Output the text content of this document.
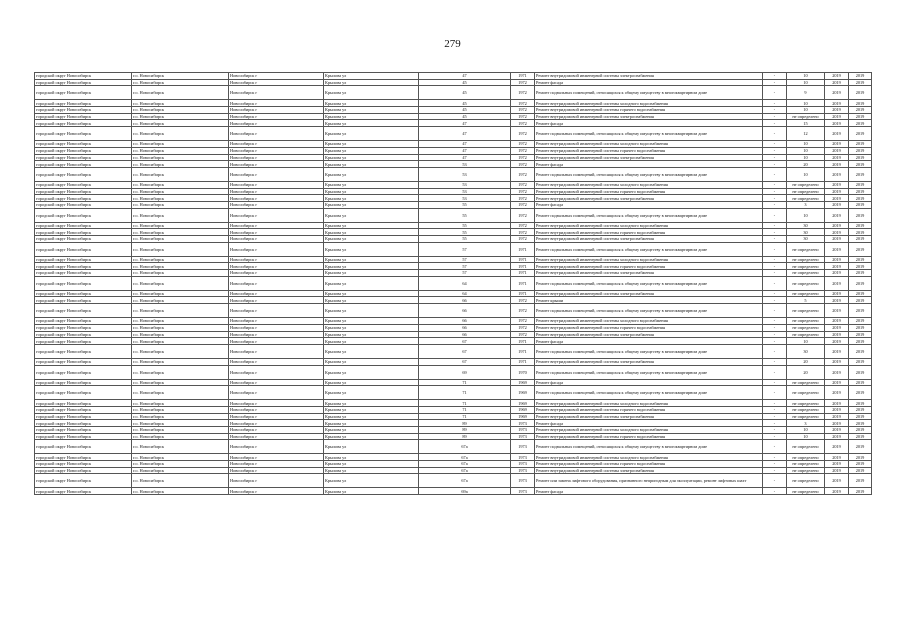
279
городской округ Новосибирск	г.о. Новосибирск	Новосибирск г	Крылова ул	47	1971	Ремонт внутридомовой инженерной системы электроснабжения	-	10	2019	2019
городской округ Новосибирск	г.о. Новосибирск	Новосибирск г	Крылова ул	45	1972	Ремонт фасада	-	10	2019	2019
городской округ Новосибирск	г.о. Новосибирск	Новосибирск г	Крылова ул	45	1972	Ремонт подвальных помещений, относящихся к общему имуществу в многоквартирном доме	-	9	2019	2019
городской округ Новосибирск	г.о. Новосибирск	Новосибирск г	Крылова ул	45	1972	Ремонт внутридомовой инженерной системы холодного водоснабжения	-	10	2019	2019
городской округ Новосибирск	г.о. Новосибирск	Новосибирск г	Крылова ул	45	1972	Ремонт внутридомовой инженерной системы горячего водоснабжения	-	10	2019	2019
городской округ Новосибирск	г.о. Новосибирск	Новосибирск г	Крылова ул	45	1972	Ремонт внутридомовой инженерной системы электроснабжения	-	не определено	2019	2019
городской округ Новосибирск	г.о. Новосибирск	Новосибирск г	Крылова ул	47	1972	Ремонт фасада	-	15	2019	2019
городской округ Новосибирск	г.о. Новосибирск	Новосибирск г	Крылова ул	47	1972	Ремонт подвальных помещений, относящихся к общему имуществу в многоквартирном доме	-	12	2019	2019
городской округ Новосибирск	г.о. Новосибирск	Новосибирск г	Крылова ул	47	1972	Ремонт внутридомовой инженерной системы холодного водоснабжения	-	10	2019	2019
городской округ Новосибирск	г.о. Новосибирск	Новосибирск г	Крылова ул	47	1972	Ремонт внутридомовой инженерной системы горячего водоснабжения	-	10	2019	2019
городской округ Новосибирск	г.о. Новосибирск	Новосибирск г	Крылова ул	47	1972	Ремонт внутридомовой инженерной системы электроснабжения	-	10	2019	2019
городской округ Новосибирск	г.о. Новосибирск	Новосибирск г	Крылова ул	53	1972	Ремонт фасада	-	20	2019	2019
городской округ Новосибирск	г.о. Новосибирск	Новосибирск г	Крылова ул	53	1972	Ремонт подвальных помещений, относящихся к общему имуществу в многоквартирном доме	-	10	2019	2019
городской округ Новосибирск	г.о. Новосибирск	Новосибирск г	Крылова ул	53	1972	Ремонт внутридомовой инженерной системы холодного водоснабжения	-	не определено	2019	2019
городской округ Новосибирск	г.о. Новосибирск	Новосибирск г	Крылова ул	53	1972	Ремонт внутридомовой инженерной системы горячего водоснабжения	-	не определено	2019	2019
городской округ Новосибирск	г.о. Новосибирск	Новосибирск г	Крылова ул	53	1972	Ремонт внутридомовой инженерной системы электроснабжения	-	не определено	2019	2019
городской округ Новосибирск	г.о. Новосибирск	Новосибирск г	Крылова ул	55	1972	Ремонт фасада	-	3	2019	2019
городской округ Новосибирск	г.о. Новосибирск	Новосибирск г	Крылова ул	55	1972	Ремонт подвальных помещений, относящихся к общему имуществу в многоквартирном доме	-	10	2019	2019
городской округ Новосибирск	г.о. Новосибирск	Новосибирск г	Крылова ул	55	1972	Ремонт внутридомовой инженерной системы холодного водоснабжения	-	30	2019	2019
городской округ Новосибирск	г.о. Новосибирск	Новосибирск г	Крылова ул	55	1972	Ремонт внутридомовой инженерной системы горячего водоснабжения	-	30	2019	2019
городской округ Новосибирск	г.о. Новосибирск	Новосибирск г	Крылова ул	55	1972	Ремонт внутридомовой инженерной системы электроснабжения	-	30	2019	2019
городской округ Новосибирск	г.о. Новосибирск	Новосибирск г	Крылова ул	57	1971	Ремонт подвальных помещений, относящихся к общему имуществу в многоквартирном доме	-	не определено	2019	2019
городской округ Новосибирск	г.о. Новосибирск	Новосибирск г	Крылова ул	57	1971	Ремонт внутридомовой инженерной системы холодного водоснабжения	-	не определено	2019	2019
городской округ Новосибирск	г.о. Новосибирск	Новосибирск г	Крылова ул	57	1971	Ремонт внутридомовой инженерной системы горячего водоснабжения	-	не определено	2019	2019
городской округ Новосибирск	г.о. Новосибирск	Новосибирск г	Крылова ул	57	1971	Ремонт внутридомовой инженерной системы электроснабжения	-	не определено	2019	2019
городской округ Новосибирск	г.о. Новосибирск	Новосибирск г	Крылова ул	64	1971	Ремонт подвальных помещений, относящихся к общему имуществу в многоквартирном доме	-	не определено	2019	2019
городской округ Новосибирск	г.о. Новосибирск	Новосибирск г	Крылова ул	64	1971	Ремонт внутридомовой инженерной системы электроснабжения	-	не определено	2019	2019
городской округ Новосибирск	г.о. Новосибирск	Новосибирск г	Крылова ул	66	1972	Ремонт крыши	-	5	2019	2019
городской округ Новосибирск	г.о. Новосибирск	Новосибирск г	Крылова ул	66	1972	Ремонт подвальных помещений, относящихся к общему имуществу в многоквартирном доме	-	не определено	2019	2019
городской округ Новосибирск	г.о. Новосибирск	Новосибирск г	Крылова ул	66	1972	Ремонт внутридомовой инженерной системы холодного водоснабжения	-	не определено	2019	2019
городской округ Новосибирск	г.о. Новосибирск	Новосибирск г	Крылова ул	66	1972	Ремонт внутридомовой инженерной системы горячего водоснабжения	-	не определено	2019	2019
городской округ Новосибирск	г.о. Новосибирск	Новосибирск г	Крылова ул	66	1972	Ремонт внутридомовой инженерной системы электроснабжения	-	не определено	2019	2019
городской округ Новосибирск	г.о. Новосибирск	Новосибирск г	Крылова ул	67	1971	Ремонт фасада	-	10	2019	2019
городской округ Новосибирск	г.о. Новосибирск	Новосибирск г	Крылова ул	67	1971	Ремонт подвальных помещений, относящихся к общему имуществу в многоквартирном доме	-	30	2019	2019
городской округ Новосибирск	г.о. Новосибирск	Новосибирск г	Крылова ул	67	1971	Ремонт внутридомовой инженерной системы электроснабжения	-	20	2019	2019
городской округ Новосибирск	г.о. Новосибирск	Новосибирск г	Крылова ул	69	1970	Ремонт подвальных помещений, относящихся к общему имуществу в многоквартирном доме	-	20	2019	2019
городской округ Новосибирск	г.о. Новосибирск	Новосибирск г	Крылова ул	71	1969	Ремонт фасада	-	не определено	2019	2019
городской округ Новосибирск	г.о. Новосибирск	Новосибирск г	Крылова ул	71	1969	Ремонт подвальных помещений, относящихся к общему имуществу в многоквартирном доме	-	не определено	2019	2019
городской округ Новосибирск	г.о. Новосибирск	Новосибирск г	Крылова ул	71	1969	Ремонт внутридомовой инженерной системы холодного водоснабжения	-	не определено	2019	2019
городской округ Новосибирск	г.о. Новосибирск	Новосибирск г	Крылова ул	71	1969	Ремонт внутридомовой инженерной системы горячего водоснабжения	-	не определено	2019	2019
городской округ Новосибирск	г.о. Новосибирск	Новосибирск г	Крылова ул	71	1969	Ремонт внутридомовой инженерной системы электроснабжения	-	не определено	2019	2019
городской округ Новосибирск	г.о. Новосибирск	Новосибирск г	Крылова ул	89	1973	Ремонт фасада	-	3	2019	2019
городской округ Новосибирск	г.о. Новосибирск	Новосибирск г	Крылова ул	89	1973	Ремонт внутридомовой инженерной системы холодного водоснабжения	-	10	2019	2019
городской округ Новосибирск	г.о. Новосибирск	Новосибирск г	Крылова ул	89	1973	Ремонт внутридомовой инженерной системы горячего водоснабжения	-	10	2019	2019
городской округ Новосибирск	г.о. Новосибирск	Новосибирск г	Крылова ул	67а	1973	Ремонт подвальных помещений, относящихся к общему имуществу в многоквартирном доме	-	не определено	2019	2019
городской округ Новосибирск	г.о. Новосибирск	Новосибирск г	Крылова ул	67а	1973	Ремонт внутридомовой инженерной системы холодного водоснабжения	-	не определено	2019	2019
городской округ Новосибирск	г.о. Новосибирск	Новосибирск г	Крылова ул	67а	1973	Ремонт внутридомовой инженерной системы горячего водоснабжения	-	не определено	2019	2019
городской округ Новосибирск	г.о. Новосибирск	Новосибирск г	Крылова ул	67а	1973	Ремонт внутридомовой инженерной системы электроснабжения	-	не определено	2019	2019
городской округ Новосибирск	г.о. Новосибирск	Новосибирск г	Крылова ул	67а	1973	Ремонт или замена лифтового оборудования, признанного непригодным для эксплуатации, ремонт лифтовых шахт	-	не определено	2019	2019
городской округ Новосибирск	г.о. Новосибирск	Новосибирск г	Крылова ул	69а	1973	Ремонт фасада	-	не определено	2019	2019
